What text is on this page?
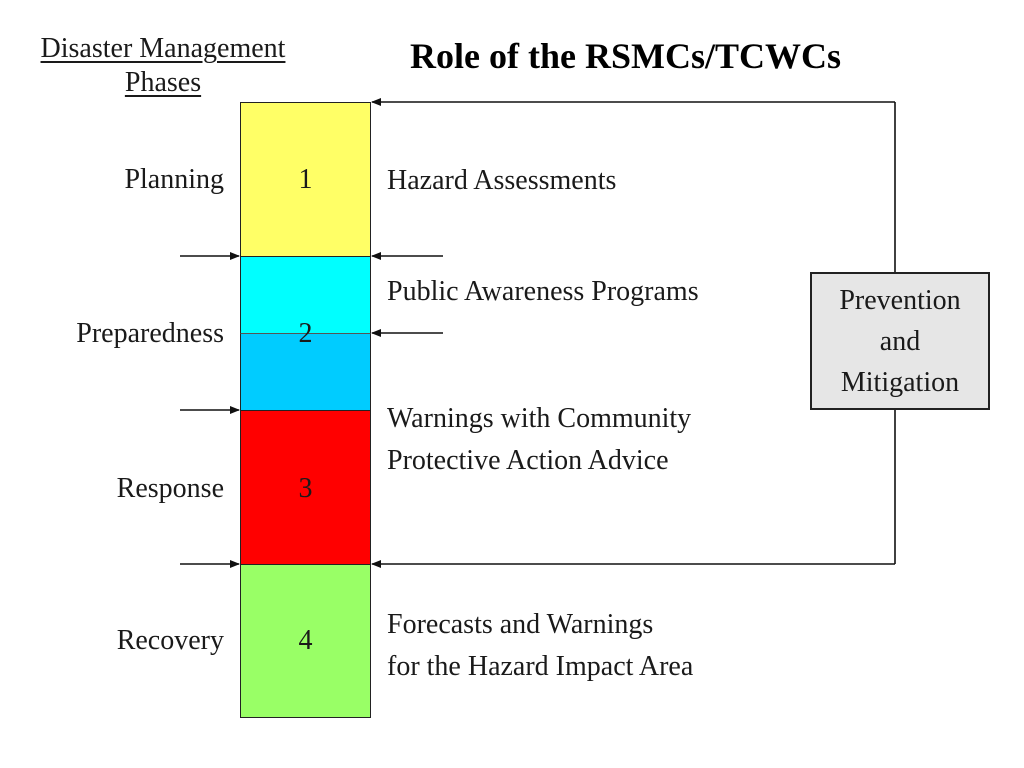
Disaster Management
Phases
Role of the RSMCs/TCWCs
1
2
3
4
Planning
Preparedness
Response
Recovery
Hazard Assessments
Public Awareness Programs
Warnings with Community
Protective Action Advice
Forecasts and Warnings
for the Hazard Impact Area
Prevention
and
Mitigation
